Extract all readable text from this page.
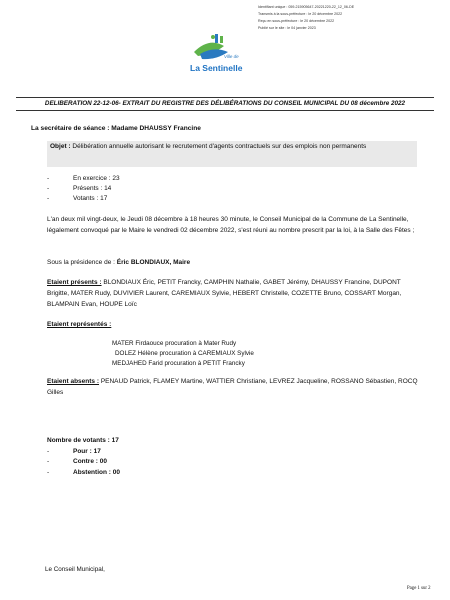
Identifiant unique : 059-215905647-20221220-22_12_06-DE
Transmis à la sous-préfecture : le 20 décembre 2022
Reçu en sous-préfecture : le 20 décembre 2022
Publié sur le site : le 04 janvier 2023
Ville de
La Sentinelle
DELIBERATION 22-12-06- EXTRAIT DU REGISTRE DES DÉLIBÉRATIONS DU CONSEIL MUNICIPAL DU 08 décembre 2022
La secrétaire de séance : Madame DHAUSSY Francine
Objet : Délibération annuelle autorisant le recrutement d'agents contractuels sur des emplois non permanents
-	En exercice : 23
-	Présents : 14
-	Votants : 17
L'an deux mil vingt-deux, le Jeudi 08 décembre à 18 heures 30 minute, le Conseil Municipal de la Commune de La Sentinelle, légalement convoqué par le Maire le vendredi 02 décembre 2022, s'est réuni au nombre prescrit par la loi, à la Salle des Fêtes ;
Sous la présidence de : Éric BLONDIAUX, Maire
Etaient présents : BLONDIAUX Éric, PETIT Francky, CAMPHIN Nathalie, GABET Jérémy, DHAUSSY Francine, DUPONT Brigitte, MATER Rudy, DUVIVIER Laurent, CAREMIAUX Sylvie, HEBERT Christelle, COZETTE Bruno, COSSART Morgan, BLAMPAIN Evan, HOUPE Loïc
Etaient représentés :
MATER Firdaouce procuration à Mater Rudy
DOLEZ Hélène procuration à CAREMIAUX Sylvie
MEDJAHED Farid procuration à PETIT Francky
Etaient absents : PENAUD Patrick, FLAMEY Martine, WATTIER Christiane, LEVREZ Jacqueline, ROSSANO Sébastien, ROCQ Gilles
Nombre de votants : 17
-	Pour : 17
-	Contre : 00
-	Abstention : 00
Le Conseil Municipal,
Page 1 sur 2
